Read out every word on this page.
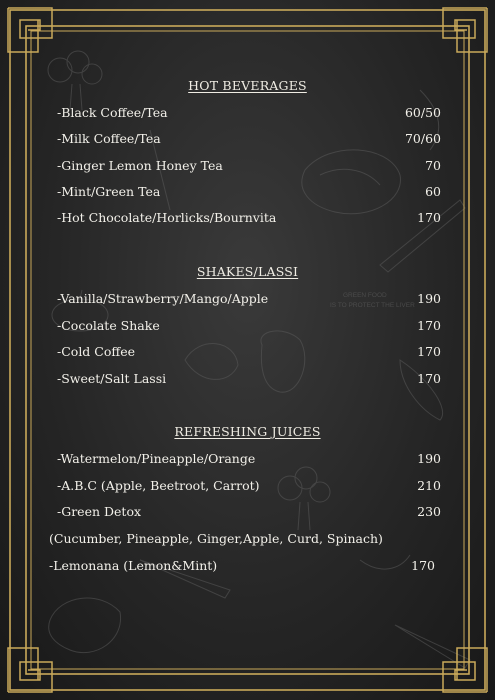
GREEN FOOD
IS TO PROTECT THE LIVER
HOT BEVERAGES
-Black Coffee/Tea	60/50
-Milk Coffee/Tea	70/60
-Ginger Lemon Honey Tea	70
-Mint/Green Tea	60
-Hot Chocolate/Horlicks/Bournvita	170
SHAKES/LASSI
-Vanilla/Strawberry/Mango/Apple	190
-Cocolate Shake	170
-Cold Coffee	170
-Sweet/Salt Lassi	170
REFRESHING JUICES
-Watermelon/Pineapple/Orange	190
-A.B.C (Apple, Beetroot, Carrot)	210
-Green Detox	230
(Cucumber, Pineapple, Ginger,Apple, Curd, Spinach)
-Lemonana (Lemon&Mint)	170
